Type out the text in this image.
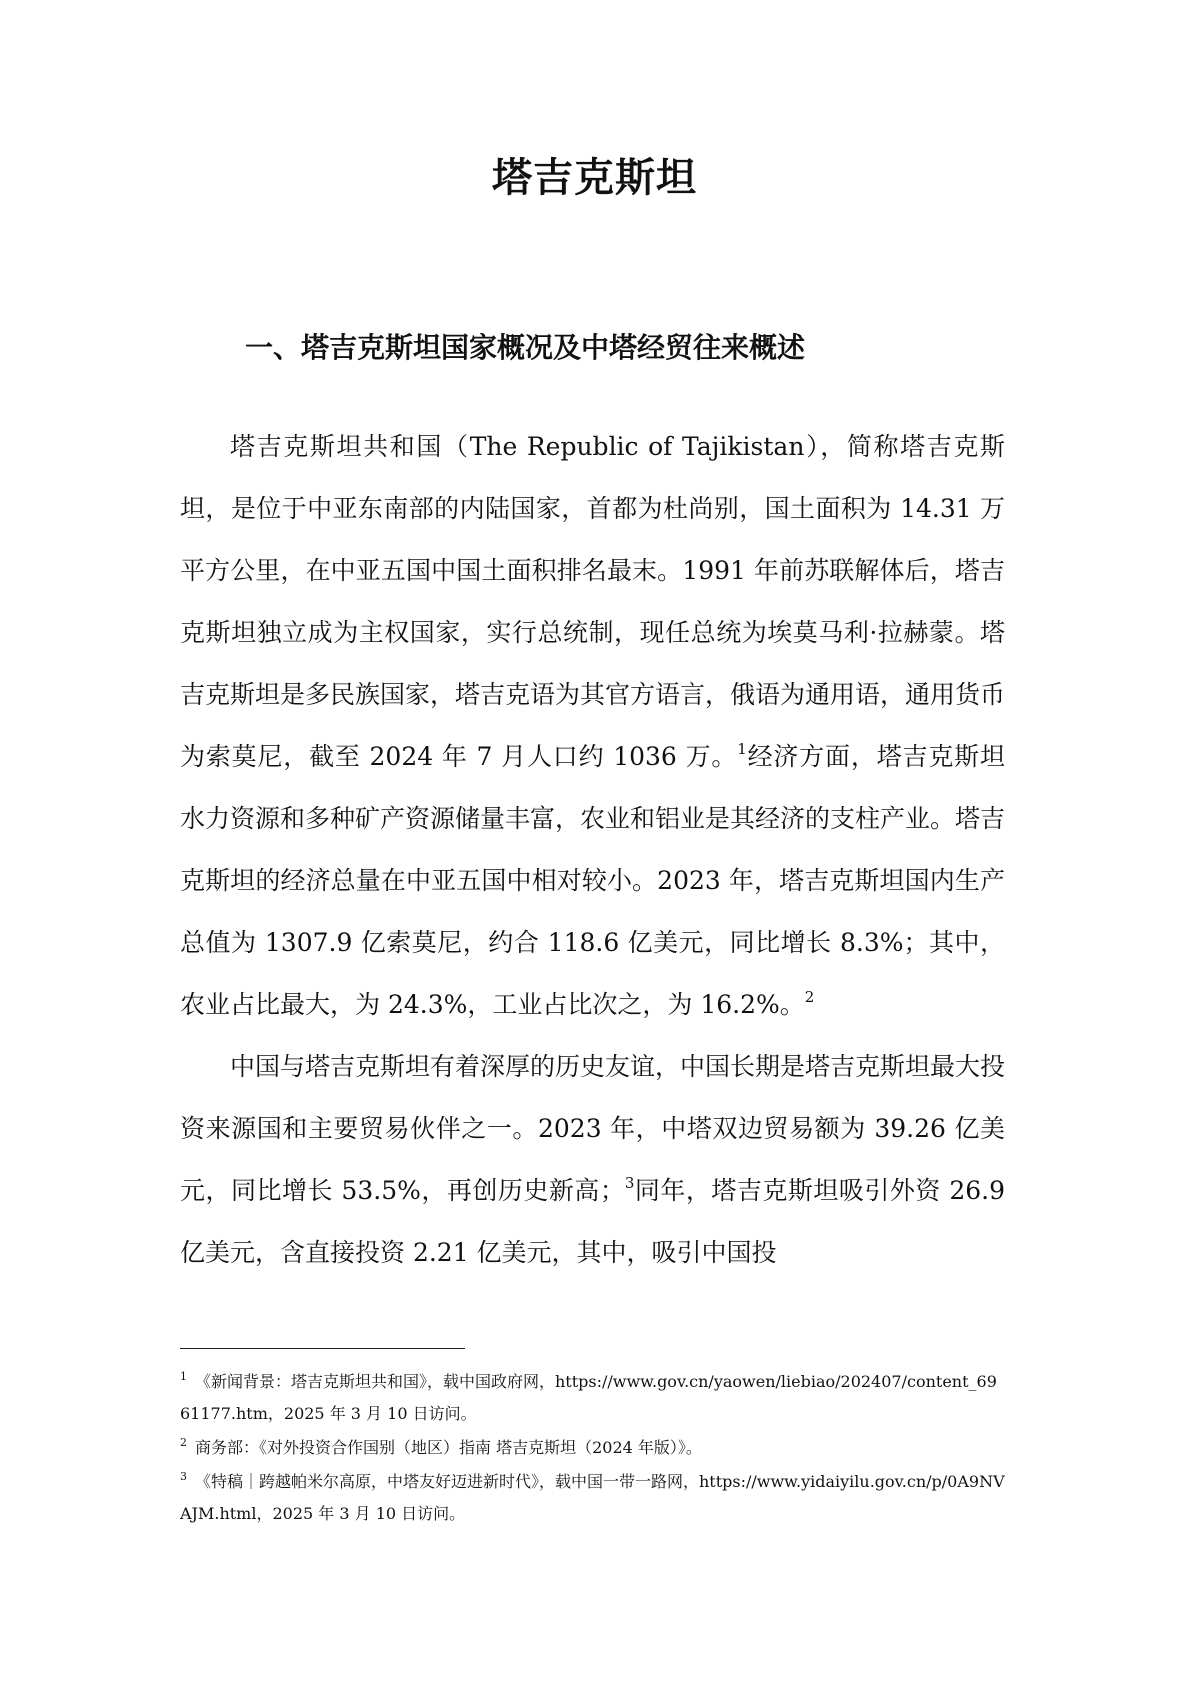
塔吉克斯坦
一、塔吉克斯坦国家概况及中塔经贸往来概述

塔吉克斯坦共和国（The Republic of Tajikistan），简称塔吉克斯坦，是位于中亚东南部的内陆国家，首都为杜尚别，国土面积为 14.31 万平方公里，在中亚五国中国土面积排名最末。1991 年前苏联解体后，塔吉克斯坦独立成为主权国家，实行总统制，现任总统为埃莫马利·拉赫蒙。塔吉克斯坦是多民族国家，塔吉克语为其官方语言，俄语为通用语，通用货币为索莫尼，截至 2024 年 7 月人口约 1036 万。$^1$经济方面，塔吉克斯坦水力资源和多种矿产资源储量丰富，农业和铝业是其经济的支柱产业。塔吉克斯坦的经济总量在中亚五国中相对较小。2023 年，塔吉克斯坦国内生产总值为 1307.9 亿索莫尼，约合 118.6 亿美元，同比增长 8.3%；其中，农业占比最大，为 24.3%，工业占比次之，为 16.2%。$^2$

中国与塔吉克斯坦有着深厚的历史友谊，中国长期是塔吉克斯坦最大投资来源国和主要贸易伙伴之一。2023 年，中塔双边贸易额为 39.26 亿美元，同比增长 53.5%，再创历史新高；$^3$同年，塔吉克斯坦吸引外资 26.9 亿美元，含直接投资 2.21 亿美元，其中，吸引中国投

$^1$ 《新闻背景：塔吉克斯坦共和国》，载中国政府网，https://www.gov.cn/yaowen/liebiao/202407/content_6961177.htm，2025 年 3 月 10 日访问。

$^2$ 商务部：《对外投资合作国别（地区）指南 塔吉克斯坦（2024 年版）》。

$^3$ 《特稿｜跨越帕米尔高原，中塔友好迈进新时代》，载中国一带一路网，https://www.yidaiyilu.gov.cn/p/0A9NVAJM.html，2025 年 3 月 10 日访问。
